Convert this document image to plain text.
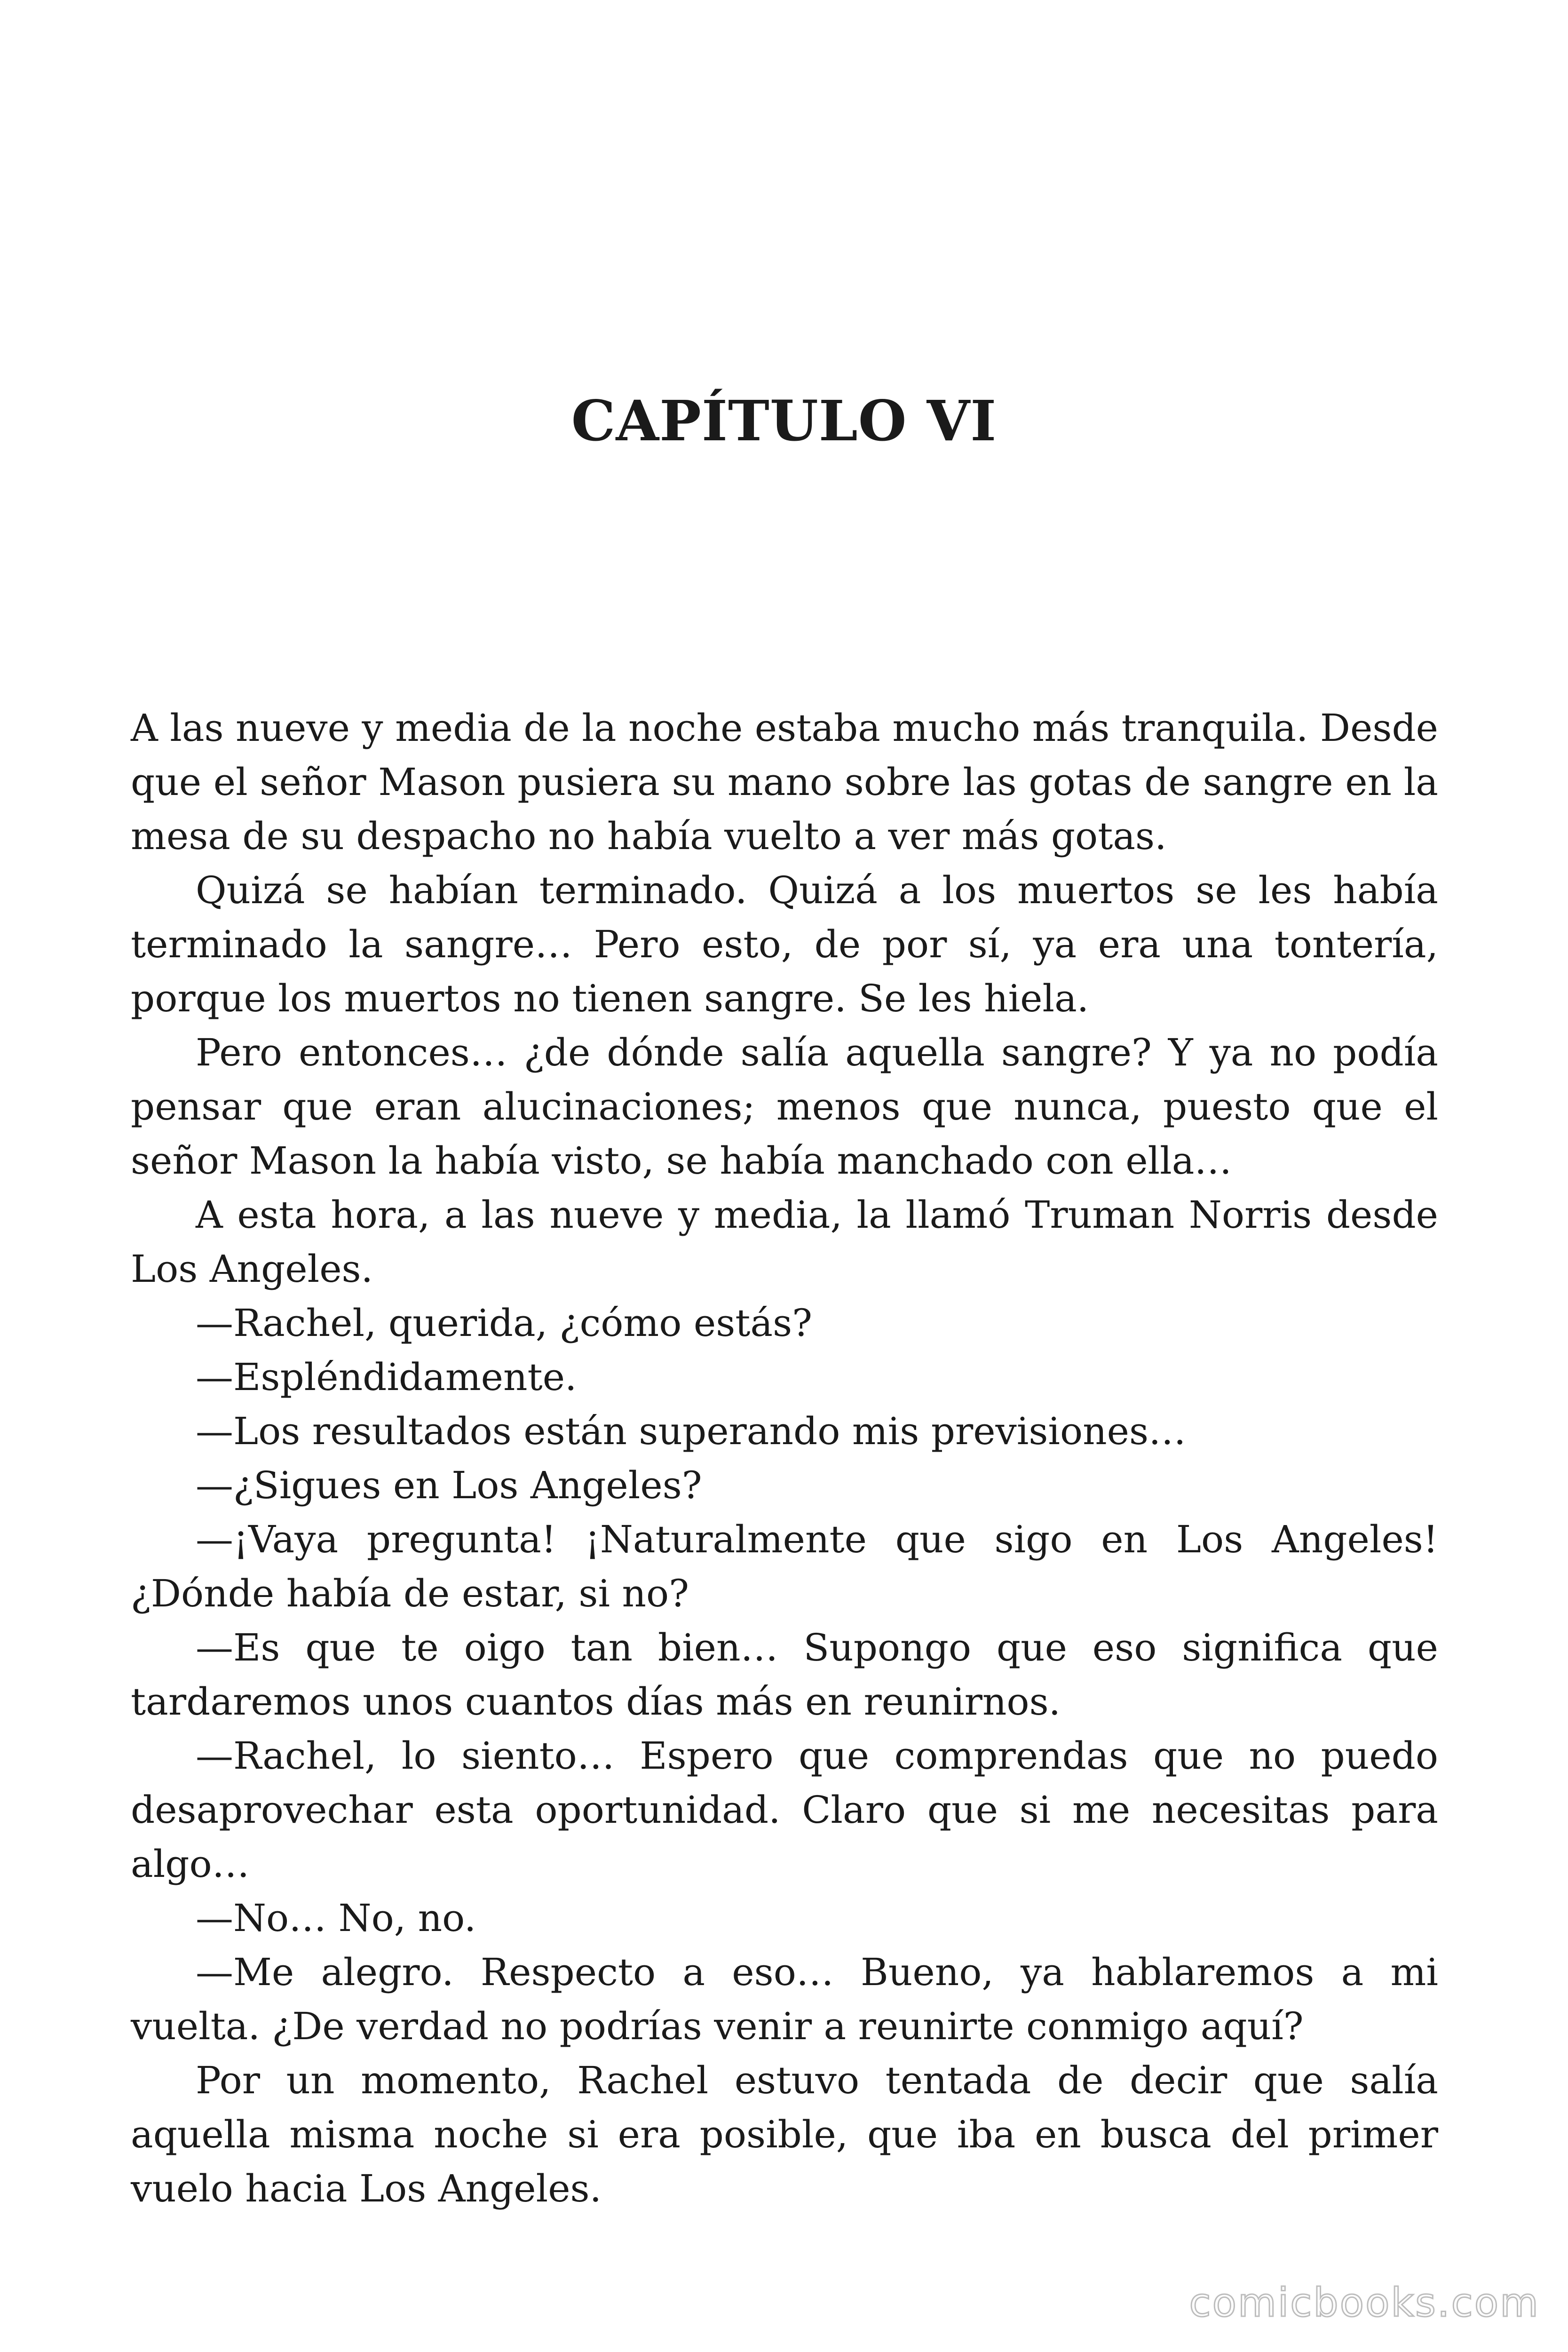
CAPÍTULO VI

A las nueve y media de la noche estaba mucho más tranquila. Desde que el señor Mason pusiera su mano sobre las gotas de sangre en la mesa de su despacho no había vuelto a ver más gotas.

Quizá se habían terminado. Quizá a los muertos se les había terminado la sangre… Pero esto, de por sí, ya era una tontería, porque los muertos no tienen sangre. Se les hiela.

Pero entonces… ¿de dónde salía aquella sangre? Y ya no podía pensar que eran alucinaciones; menos que nunca, puesto que el señor Mason la había visto, se había manchado con ella…

A esta hora, a las nueve y media, la llamó Truman Norris desde Los Angeles.

—Rachel, querida, ¿cómo estás?

—Espléndidamente.

—Los resultados están superando mis previsiones…

—¿Sigues en Los Angeles?

—¡Vaya pregunta! ¡Naturalmente que sigo en Los Angeles! ¿Dónde había de estar, si no?

—Es que te oigo tan bien… Supongo que eso significa que tardaremos unos cuantos días más en reunirnos.

—Rachel, lo siento… Espero que comprendas que no puedo desaprovechar esta oportunidad. Claro que si me necesitas para algo…

—No… No, no.

—Me alegro. Respecto a eso… Bueno, ya hablaremos a mi vuelta. ¿De verdad no podrías venir a reunirte conmigo aquí?

Por un momento, Rachel estuvo tentada de decir que salía aquella misma noche si era posible, que iba en busca del primer vuelo hacia Los Angeles.

comicbooks.com
